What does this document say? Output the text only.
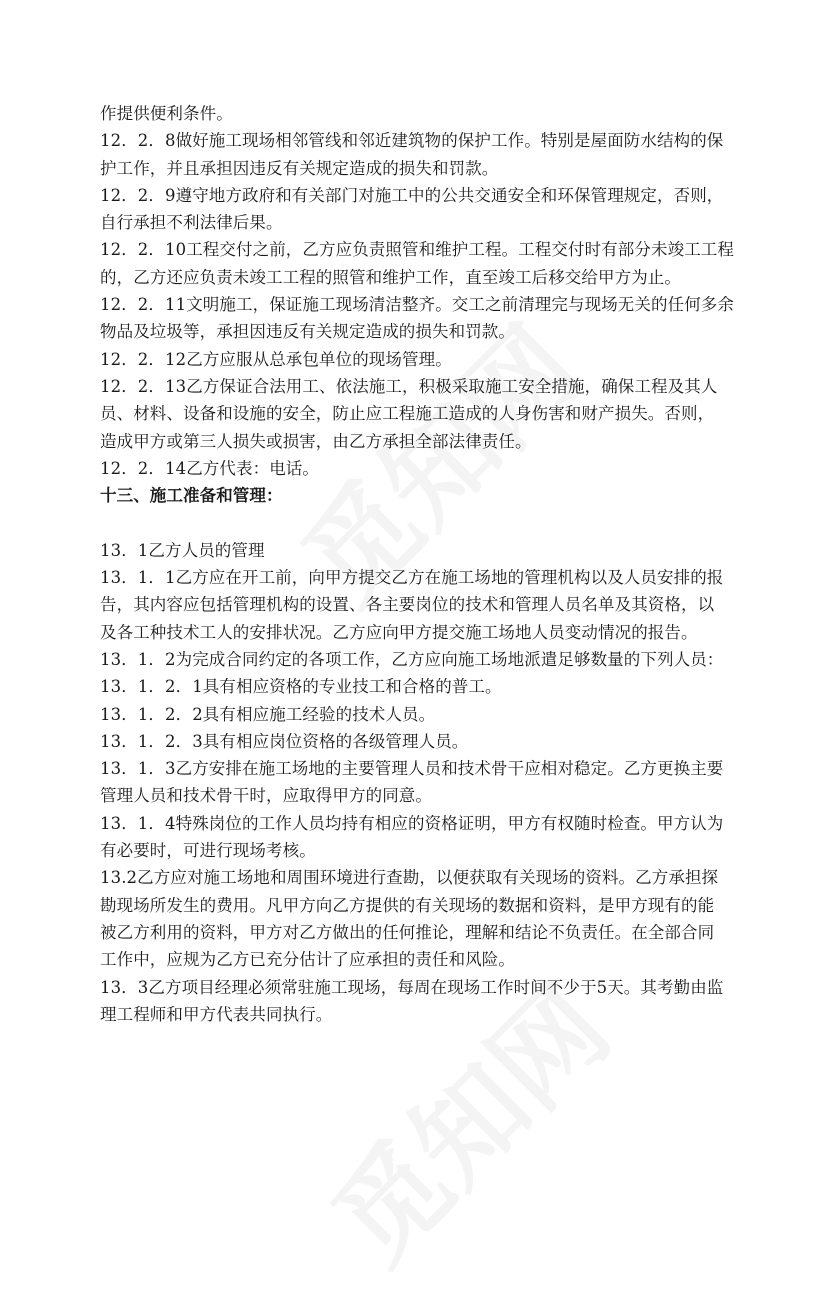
作提供便利条件。
12．2．8做好施工现场相邻管线和邻近建筑物的保护工作。特别是屋面防水结构的保
护工作，并且承担因违反有关规定造成的损失和罚款。
12．2．9遵守地方政府和有关部门对施工中的公共交通安全和环保管理规定，否则，
自行承担不利法律后果。
12．2．10工程交付之前，乙方应负责照管和维护工程。工程交付时有部分未竣工工程
的，乙方还应负责未竣工工程的照管和维护工作，直至竣工后移交给甲方为止。
12．2．11文明施工，保证施工现场清洁整齐。交工之前清理完与现场无关的任何多余
物品及垃圾等，承担因违反有关规定造成的损失和罚款。
12．2．12乙方应服从总承包单位的现场管理。
12．2．13乙方保证合法用工、依法施工，积极采取施工安全措施，确保工程及其人
员、材料、设备和设施的安全，防止应工程施工造成的人身伤害和财产损失。否则，
造成甲方或第三人损失或损害，由乙方承担全部法律责任。
12．2．14乙方代表：电话。
十三、施工准备和管理：
13．1乙方人员的管理
13．1．1乙方应在开工前，向甲方提交乙方在施工场地的管理机构以及人员安排的报
告，其内容应包括管理机构的设置、各主要岗位的技术和管理人员名单及其资格，以
及各工种技术工人的安排状况。乙方应向甲方提交施工场地人员变动情况的报告。
13．1．2为完成合同约定的各项工作，乙方应向施工场地派遣足够数量的下列人员：
13．1．2．1具有相应资格的专业技工和合格的普工。
13．1．2．2具有相应施工经验的技术人员。
13．1．2．3具有相应岗位资格的各级管理人员。
13．1．3乙方安排在施工场地的主要管理人员和技术骨干应相对稳定。乙方更换主要
管理人员和技术骨干时，应取得甲方的同意。
13．1．4特殊岗位的工作人员均持有相应的资格证明，甲方有权随时检查。甲方认为
有必要时，可进行现场考核。
13.2乙方应对施工场地和周围环境进行查勘，以便获取有关现场的资料。乙方承担探
勘现场所发生的费用。凡甲方向乙方提供的有关现场的数据和资料，是甲方现有的能
被乙方利用的资料，甲方对乙方做出的任何推论，理解和结论不负责任。在全部合同
工作中，应规为乙方已充分估计了应承担的责任和风险。
13．3乙方项目经理必须常驻施工现场，每周在现场工作时间不少于5天。其考勤由监
理工程师和甲方代表共同执行。
